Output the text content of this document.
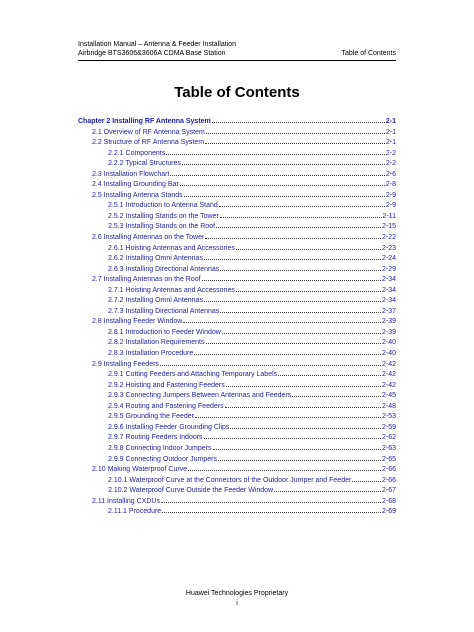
Installation Manual – Antenna & Feeder Installation
Airbridge BTS3606&3606A CDMA Base Station	Table of Contents
Table of Contents
Chapter 2 Installing RF Antenna System	2-1
2.1 Overview of RF Antenna System	2-1
2.2 Structure of RF Antenna System	2-1
2.2.1 Components	2-2
2.2.2 Typical Structures	2-2
2.3 Installation Flowchart	2-6
2.4 Installing Grounding Bar	2-8
2.5 Installing Antenna Stands	2-9
2.5.1 Introduction to Antenna Stand	2-9
2.5.2 Installing Stands on the Tower	2-11
2.5.3 Installing Stands on the Roof	2-15
2.6 Installing Antennas on the Tower	2-22
2.6.1 Hoisting Antennas and Accessories	2-23
2.6.2 Installing Omni Antennas	2-24
2.6.3 Installing Directional Antennas	2-29
2.7 Installing Antennas on the Roof	2-34
2.7.1 Hoisting Antennas and Accessories	2-34
2.7.2 Installing Omni Antennas	2-34
2.7.3 Installing Directional Antennas	2-37
2.8 Installing Feeder Window	2-39
2.8.1 Introduction to Feeder Window	2-39
2.8.2 Installation Requirements	2-40
2.8.3 Installation Procedure	2-40
2.9 Installing Feeders	2-42
2.9.1 Cutting Feeders and Attaching Temporary Labels	2-42
2.9.2 Hoisting and Fastening Feeders	2-42
2.9.3 Connecting Jumpers Between Antennas and Feeders	2-45
2.9.4 Routing and Fastening Feeders	2-48
2.9.5 Grounding the Feeder	2-53
2.9.6 Installing Feeder Grounding Clips	2-59
2.9.7 Routing Feeders Indoors	2-62
2.9.8 Connecting Indoor Jumpers	2-63
2.9.9 Connecting Outdoor Jumpers	2-65
2.10 Making Waterproof Curve	2-66
2.10.1 Waterproof Curve at the Connectors of the Outdoor Jumper and Feeder	2-66
2.10.2 Waterproof Curve Outside the Feeder Window	2-67
2.11 Installing CXDUs	2-68
2.11.1 Procedure	2-69
Huawei Technologies Proprietary
i
